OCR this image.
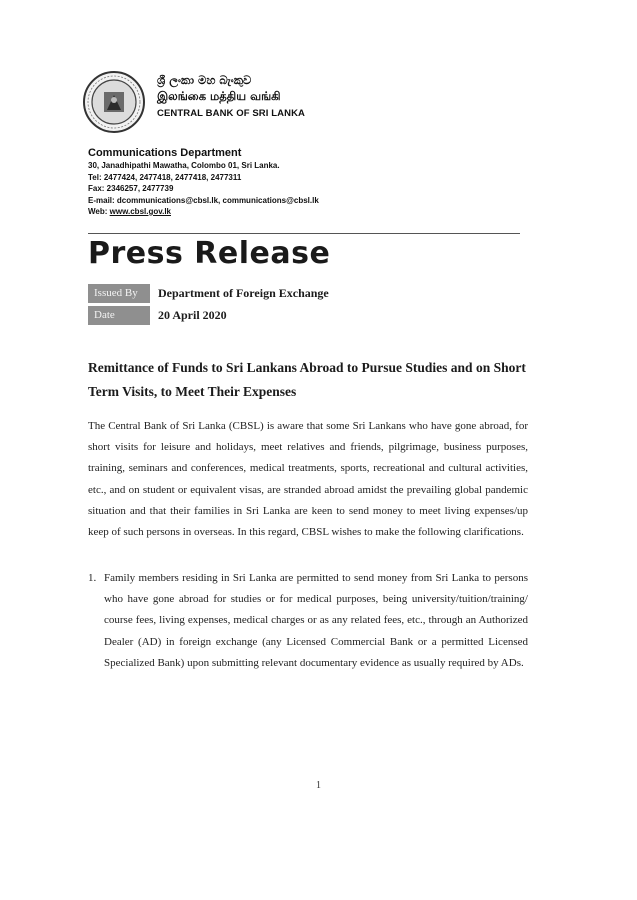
ශ්‍රී ලංකා මහ බැංකුව
இலங்கை மத்திய வங்கி
CENTRAL BANK OF SRI LANKA
Communications Department
30, Janadhipathi Mawatha, Colombo 01, Sri Lanka.
Tel: 2477424, 2477418, 2477418, 2477311
Fax: 2346257, 2477739
E-mail: dcommunications@cbsl.lk, communications@cbsl.lk
Web: www.cbsl.gov.lk
Press Release
Issued By	Department of Foreign Exchange
Date	20 April 2020
Remittance of Funds to Sri Lankans Abroad to Pursue Studies and on Short Term Visits, to Meet Their Expenses
The Central Bank of Sri Lanka (CBSL) is aware that some Sri Lankans who have gone abroad, for short visits for leisure and holidays, meet relatives and friends, pilgrimage, business purposes, training, seminars and conferences, medical treatments, sports, recreational and cultural activities, etc., and on student or equivalent visas, are stranded abroad amidst the prevailing global pandemic situation and that their families in Sri Lanka are keen to send money to meet living expenses/up keep of such persons in overseas. In this regard, CBSL wishes to make the following clarifications.
1. Family members residing in Sri Lanka are permitted to send money from Sri Lanka to persons who have gone abroad for studies or for medical purposes, being university/tuition/training/ course fees, living expenses, medical charges or as any related fees, etc., through an Authorized Dealer (AD) in foreign exchange (any Licensed Commercial Bank or a permitted Licensed Specialized Bank) upon submitting relevant documentary evidence as usually required by ADs.
1
